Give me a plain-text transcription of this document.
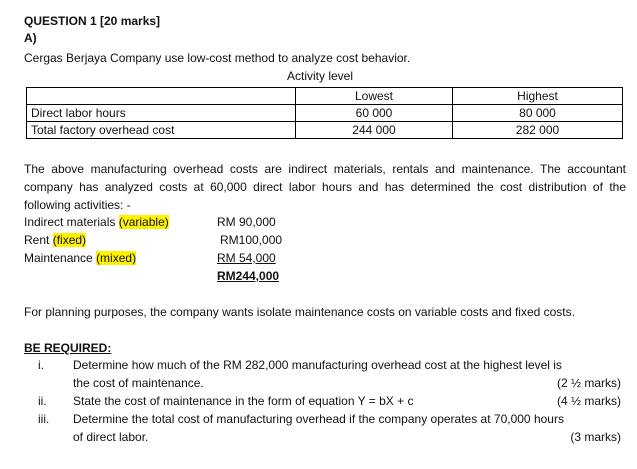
QUESTION 1 [20 marks]
A)
Cergas Berjaya Company use low-cost method to analyze cost behavior.
Activity level
	Lowest	Highest
Direct labor hours	60 000	80 000
Total factory overhead cost	244 000	282 000
The above manufacturing overhead costs are indirect materials, rentals and maintenance. The accountant company has analyzed costs at 60,000 direct labor hours and has determined the cost distribution of the following activities: -
Indirect materials (variable)	RM 90,000
Rent (fixed)	RM100,000
Maintenance (mixed)	RM 54,000
RM244,000
For planning purposes, the company wants isolate maintenance costs on variable costs and fixed costs.
BE REQUIRED:
i. Determine how much of the RM 282,000 manufacturing overhead cost at the highest level is
the cost of maintenance.	(2 ½ marks)
ii. State the cost of maintenance in the form of equation Y = bX + c	(4 ½ marks)
iii. Determine the total cost of manufacturing overhead if the company operates at 70,000 hours
of direct labor.	(3 marks)
